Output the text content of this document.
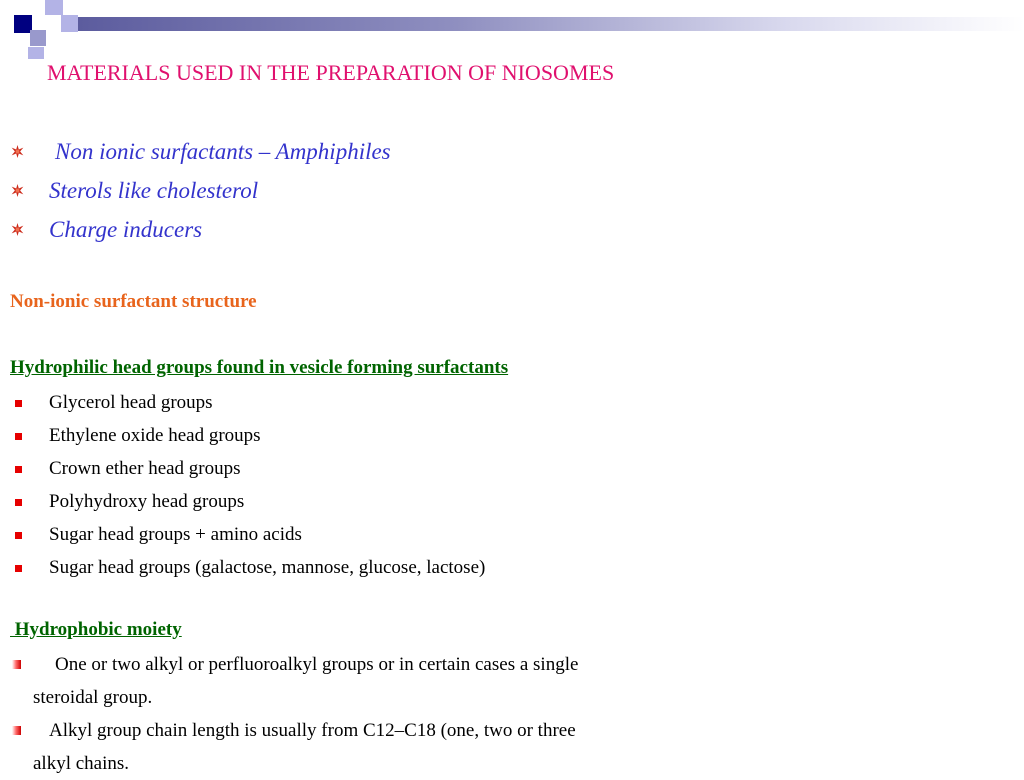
MATERIALS USED IN THE PREPARATION OF NIOSOMES
Non ionic surfactants – Amphiphiles
Sterols like cholesterol
Charge inducers
Non-ionic surfactant structure
Hydrophilic head groups found in vesicle forming surfactants
Glycerol head groups
Ethylene oxide head groups
Crown ether head groups
Polyhydroxy head groups
Sugar head groups + amino acids
Sugar head groups (galactose, mannose, glucose, lactose)
Hydrophobic moiety
One or two alkyl or perfluoroalkyl groups or in certain cases a single
steroidal group.
Alkyl group chain length is usually from C12–C18 (one, two or three
alkyl chains.
